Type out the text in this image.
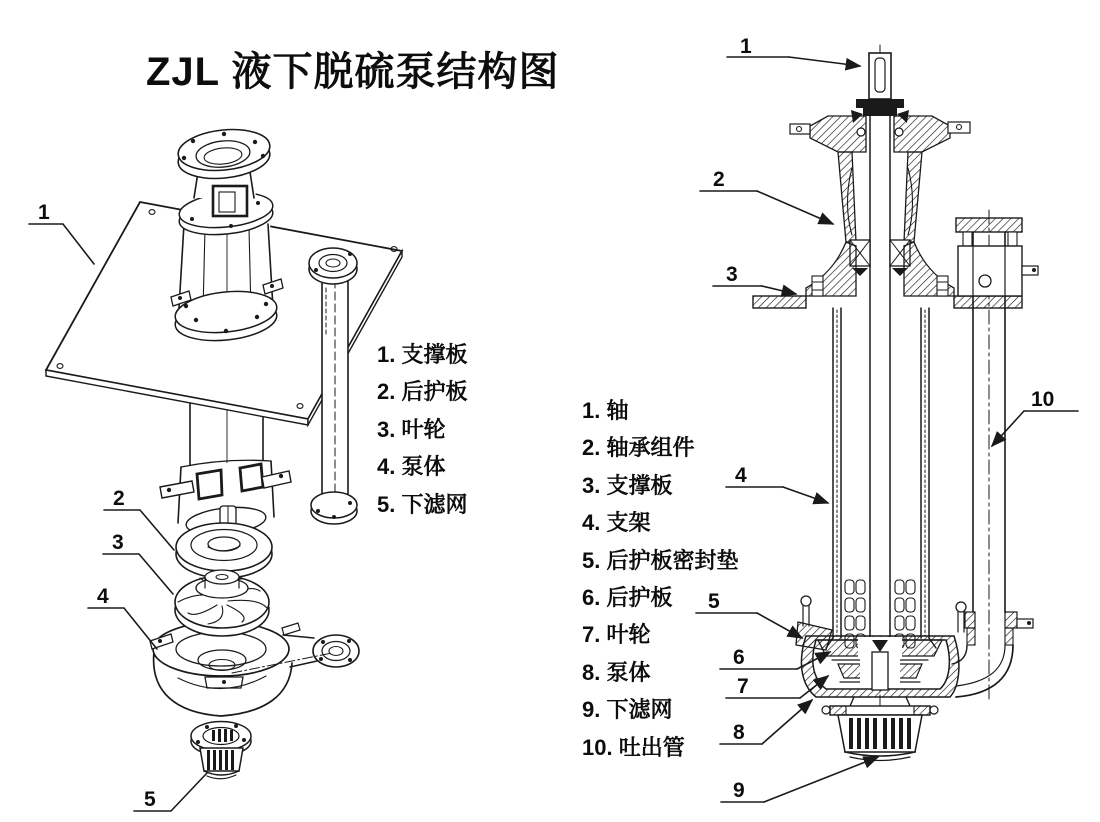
ZJL 液下脱硫泵结构图
1. 支撑板
2. 后护板
3. 叶轮
4. 泵体
5. 下滤网
1. 轴
2. 轴承组件
3. 支撑板
4. 支架
5. 后护板密封垫
6. 后护板
7. 叶轮
8. 泵体
9. 下滤网
10. 吐出管
1
2
3
4
5
1
2
3
4
5
6
7
8
9
10
